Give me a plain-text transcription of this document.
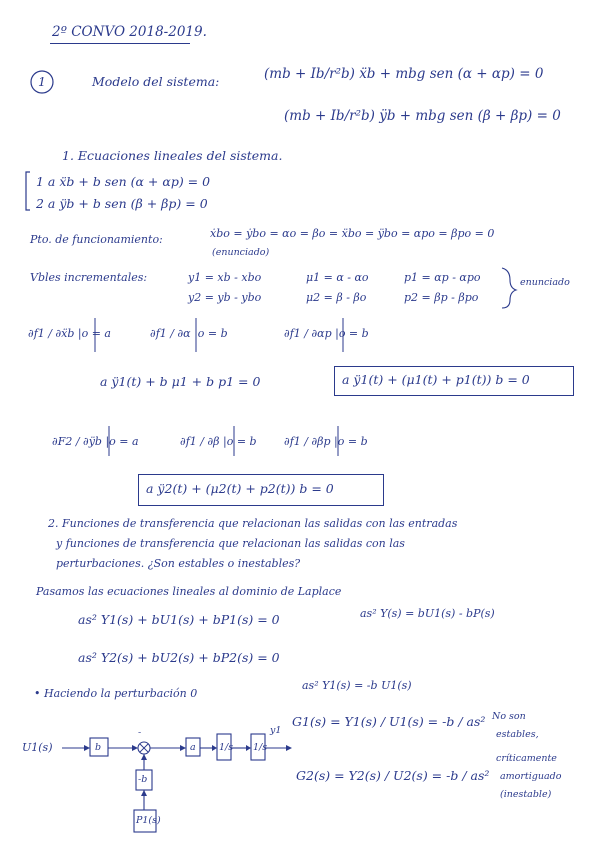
2º CONVO 2018-2019.
1	Modelo del sistema:	(mb + Ib/r²b) ẍb + mbg sen (α + αp) = 0
(mb + Ib/r²b) ÿb + mbg sen (β + βp) = 0
1. Ecuaciones lineales del sistema.
1 a ẍb + b sen (α + αp) = 0
2 a ÿb + b sen (β + βp) = 0
Pto. de funcionamiento:	ẋbo = ẏbo = αo = βo = ẍbo = ÿbo = αpo = βpo = 0
(enunciado)
Vbles incrementales:	y1 = xb - xbo	μ1 = α - αo	p1 = αp - αpo
y2 = yb - ybo	μ2 = β - βo	p2 = βp - βpo
enunciado
∂f1 / ∂ẍb |o = a	∂f1 / ∂α |o = b	∂f1 / ∂αp |o = b
a ÿ1(t) + b μ1 + b p1 = 0	a ÿ1(t) + (μ1(t) + p1(t)) b = 0
∂F2 / ∂ÿb |o = a	∂f1 / ∂β |o = b ∂f1 / ∂βp |o = b
a ÿ2(t) + (μ2(t) + p2(t)) b = 0
2. Funciones de transferencia que relacionan las salidas con las entradas
y funciones de transferencia que relacionan las salidas con las
perturbaciones. ¿Son estables o inestables?
Pasamos las ecuaciones lineales al dominio de Laplace
as² Y1(s) + bU1(s) + bP1(s) = 0	as² Y(s) = bU1(s) - bP(s)
as² Y2(s) + bU2(s) + bP2(s) = 0
• Haciendo la perturbación 0
as² Y1(s) = -b U1(s)
G1(s) = Y1(s) / U1(s) = -b / as²
G2(s) = Y2(s) / U2(s) = -b / as²
No son
estables,
críticamente
amortiguado
(inestable)
U1(s)	b
-
a 1/s 1/s
y1
-b
P1(s)
